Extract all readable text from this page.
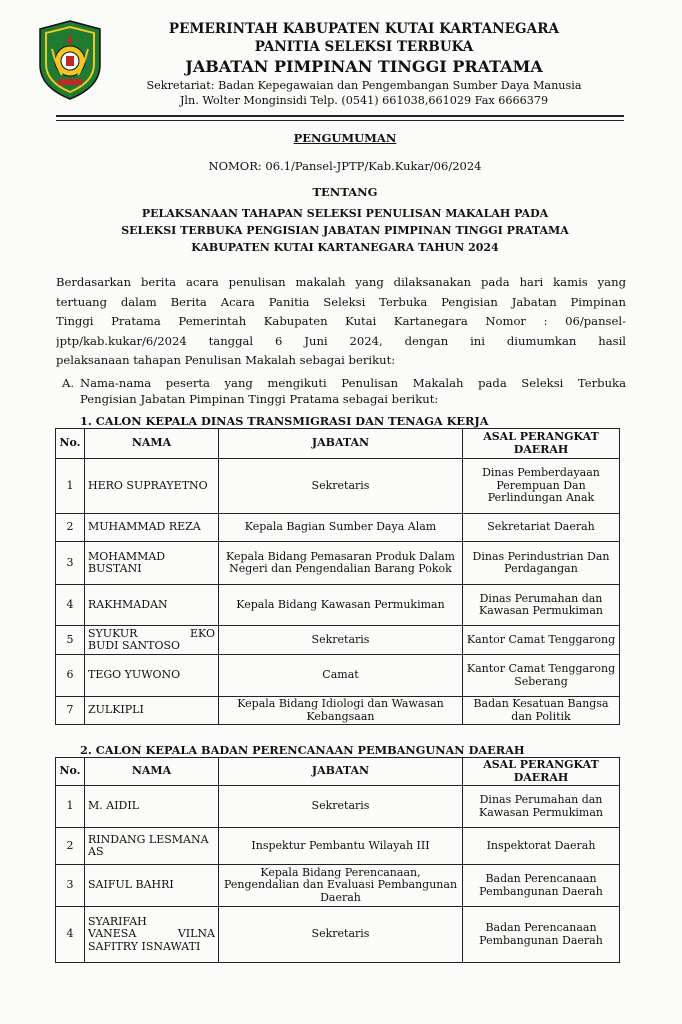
PEMERINTAH KABUPATEN KUTAI KARTANEGARA
PANITIA SELEKSI TERBUKA
JABATAN PIMPINAN TINGGI PRATAMA
Sekretariat: Badan Kepegawaian dan Pengembangan Sumber Daya Manusia
Jln. Wolter Monginsidi Telp. (0541) 661038,661029 Fax 6666379
PENGUMUMAN
NOMOR: 06.1/Pansel-JPTP/Kab.Kukar/06/2024
TENTANG
PELAKSANAAN TAHAPAN SELEKSI PENULISAN MAKALAH PADA
SELEKSI TERBUKA PENGISIAN JABATAN PIMPINAN TINGGI PRATAMA
KABUPATEN KUTAI KARTANEGARA TAHUN 2024
Berdasarkan berita acara penulisan makalah yang dilaksanakan pada hari kamis yang
tertuang dalam Berita Acara Panitia Seleksi Terbuka Pengisian Jabatan Pimpinan
Tinggi Pratama Pemerintah Kabupaten Kutai Kartanegara Nomor : 06/pansel-
jptp/kab.kukar/6/2024 tanggal 6 Juni 2024, dengan ini diumumkan hasil
pelaksanaan tahapan Penulisan Makalah sebagai berikut:
A. Nama-nama peserta yang mengikuti Penulisan Makalah pada Seleksi Terbuka
Pengisian Jabatan Pimpinan Tinggi Pratama sebagai berikut:
1. CALON KEPALA DINAS TRANSMIGRASI DAN TENAGA KERJA
No.	NAMA	JABATAN	ASAL PERANGKAT DAERAH
1	HERO SUPRAYETNO	Sekretaris	Dinas Pemberdayaan Perempuan Dan Perlindungan Anak
2	MUHAMMAD REZA	Kepala Bagian Sumber Daya Alam	Sekretariat Daerah
3	MOHAMMAD BUSTANI	Kepala Bidang Pemasaran Produk Dalam Negeri dan Pengendalian Barang Pokok	Dinas Perindustrian Dan Perdagangan
4	RAKHMADAN	Kepala Bidang Kawasan Permukiman	Dinas Perumahan dan Kawasan Permukiman
5	SYUKUR EKO
BUDI SANTOSO	Sekretaris	Kantor Camat Tenggarong
6	TEGO YUWONO	Camat	Kantor Camat Tenggarong Seberang
7	ZULKIPLI	Kepala Bidang Idiologi dan Wawasan Kebangsaan	Badan Kesatuan Bangsa dan Politik
2. CALON KEPALA BADAN PERENCANAAN PEMBANGUNAN DAERAH
No.	NAMA	JABATAN	ASAL PERANGKAT DAERAH
1	M. AIDIL	Sekretaris	Dinas Perumahan dan Kawasan Permukiman
2	RINDANG LESMANA AS	Inspektur Pembantu Wilayah III	Inspektorat Daerah
3	SAIFUL BAHRI	Kepala Bidang Perencanaan, Pengendalian dan Evaluasi Pembangunan Daerah	Badan Perencanaan Pembangunan Daerah
4	SYARIFAH
VANESA VILNA
SAFITRY ISNAWATI	Sekretaris	Badan Perencanaan Pembangunan Daerah
